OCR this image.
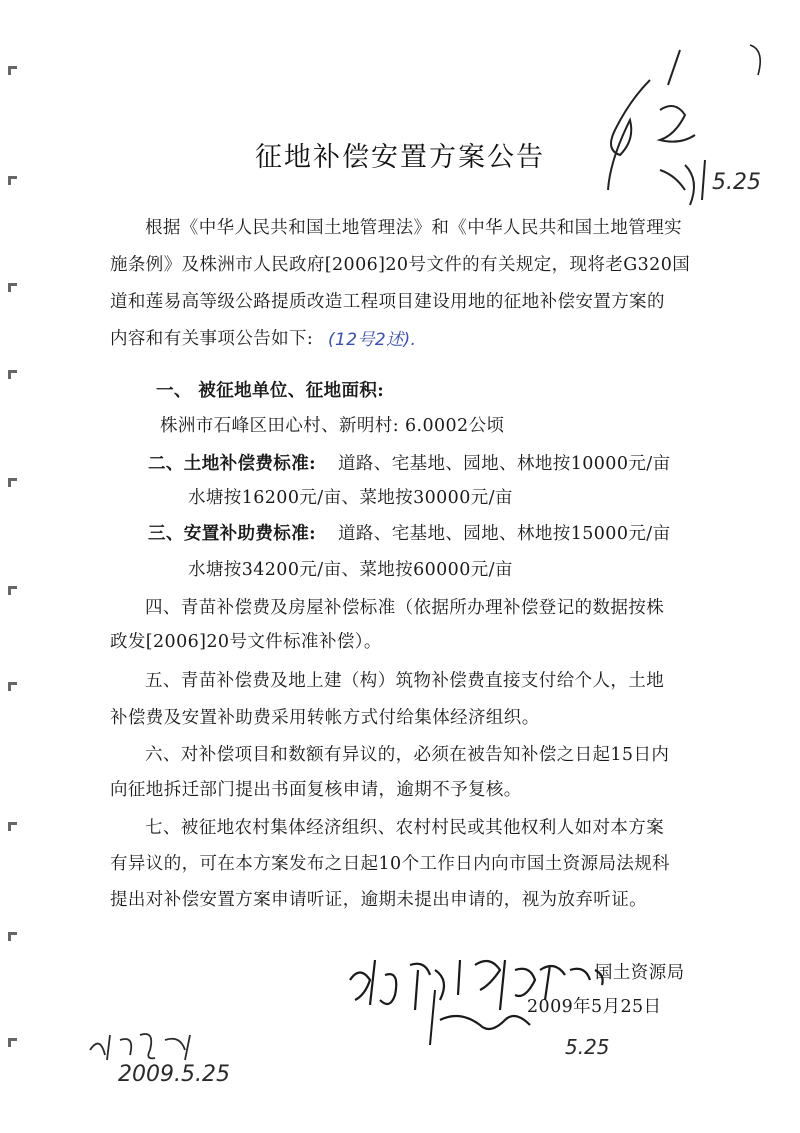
5.25
征地补偿安置方案公告
根据《中华人民共和国土地管理法》和《中华人民共和国土地管理实
施条例》及株洲市人民政府[2006]20号文件的有关规定，现将老G320国
道和莲易高等级公路提质改造工程项目建设用地的征地补偿安置方案的
内容和有关事项公告如下: (12号2述).
一、 被征地单位、征地面积:
株洲市石峰区田心村、新明村: 6.0002公顷
二、土地补偿费标准: 道路、宅基地、园地、林地按10000元/亩
水塘按16200元/亩、菜地按30000元/亩
三、安置补助费标准: 道路、宅基地、园地、林地按15000元/亩
水塘按34200元/亩、菜地按60000元/亩
四、青苗补偿费及房屋补偿标准（依据所办理补偿登记的数据按株
政发[2006]20号文件标准补偿）。
五、青苗补偿费及地上建（构）筑物补偿费直接支付给个人，土地
补偿费及安置补助费采用转帐方式付给集体经济组织。
六、对补偿项目和数额有异议的，必须在被告知补偿之日起15日内
向征地拆迁部门提出书面复核申请，逾期不予复核。
七、被征地农村集体经济组织、农村村民或其他权利人如对本方案
有异议的，可在本方案发布之日起10个工作日内向市国土资源局法规科
提出对补偿安置方案申请听证，逾期未提出申请的，视为放弃听证。
国土资源局
2009年5月25日
5.25
2009.5.25
